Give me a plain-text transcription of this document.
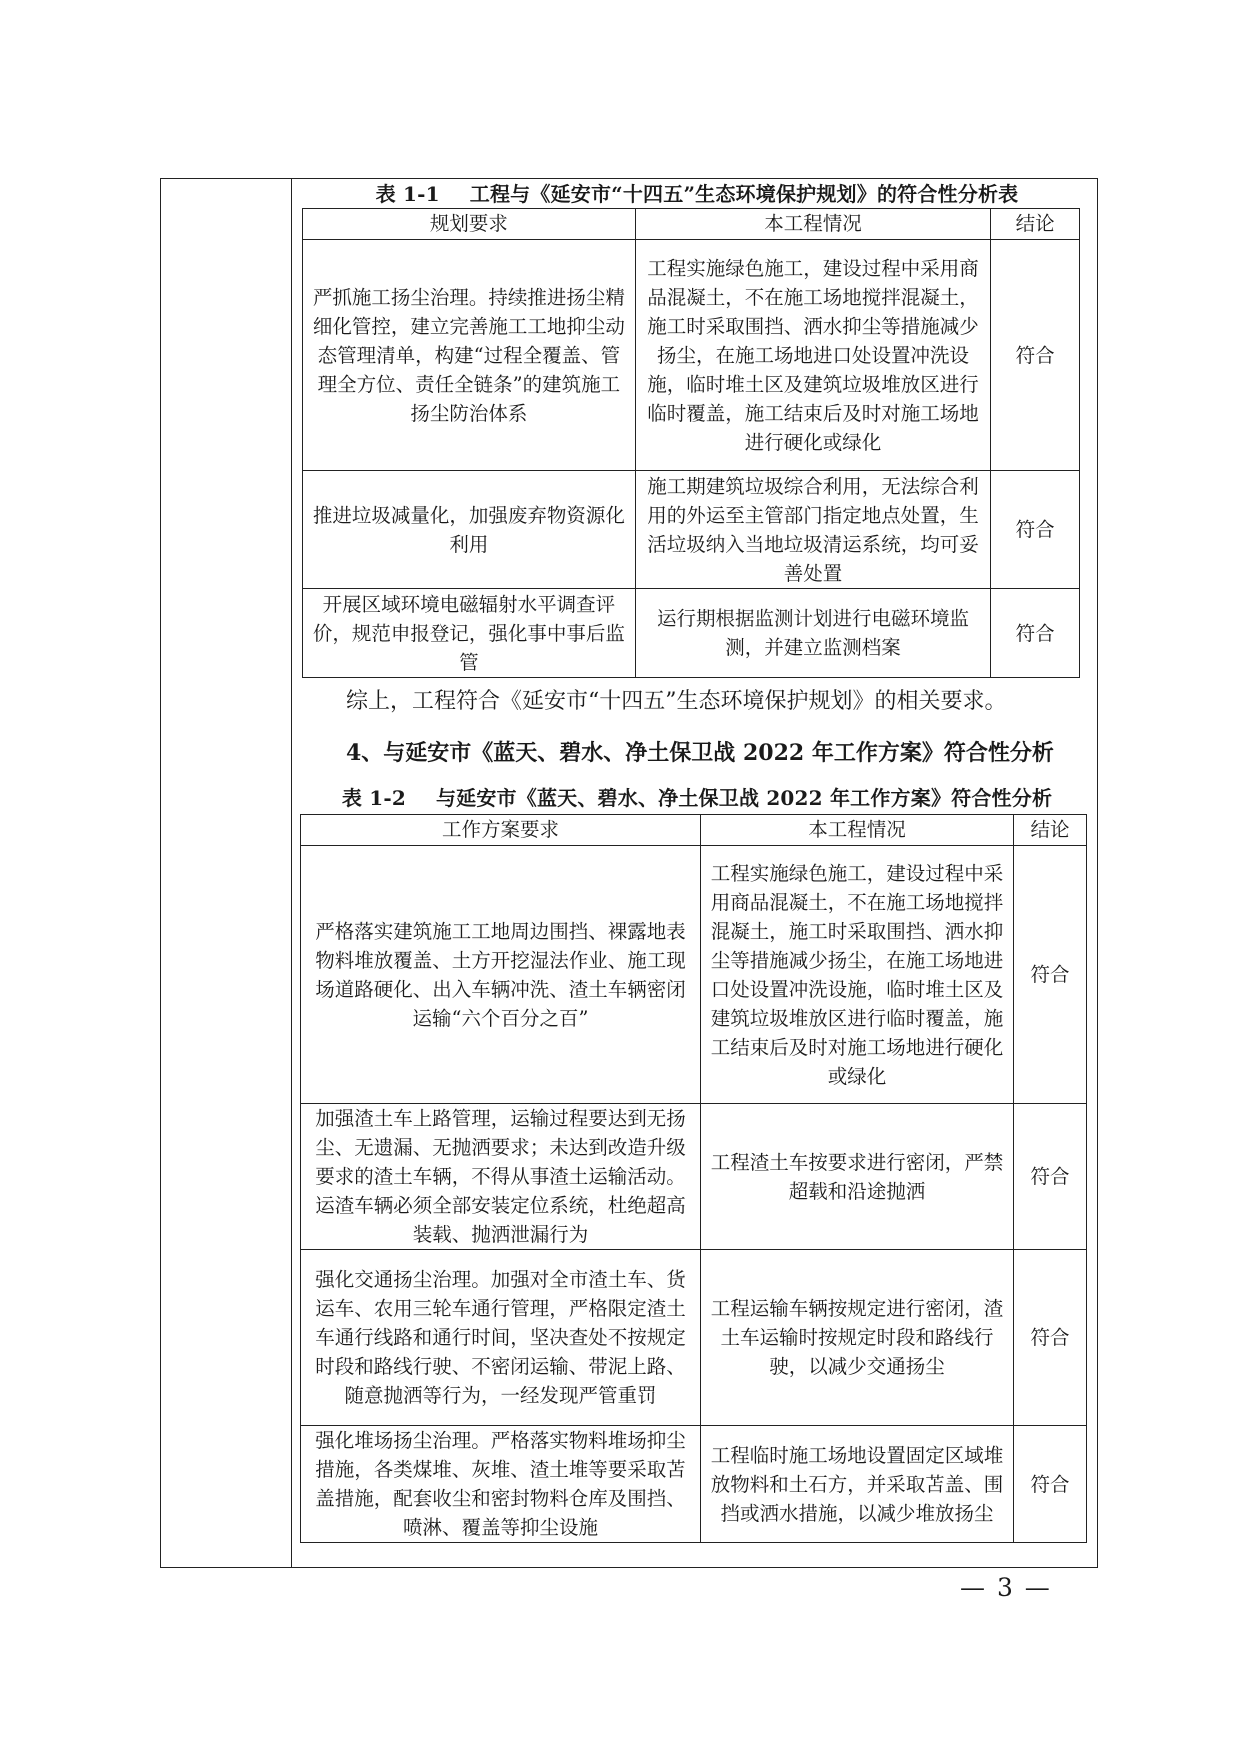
表 1-1 工程与《延安市“十四五”生态环境保护规划》的符合性分析表
规划要求	本工程情况	结论
严抓施工扬尘治理。持续推进扬尘精细化管控，建立完善施工工地抑尘动态管理清单，构建“过程全覆盖、管理全方位、责任全链条”的建筑施工扬尘防治体系	工程实施绿色施工，建设过程中采用商品混凝土，不在施工场地搅拌混凝土，施工时采取围挡、洒水抑尘等措施减少扬尘，在施工场地进口处设置冲洗设施，临时堆土区及建筑垃圾堆放区进行临时覆盖，施工结束后及时对施工场地进行硬化或绿化	符合
推进垃圾减量化，加强废弃物资源化利用	施工期建筑垃圾综合利用，无法综合利用的外运至主管部门指定地点处置，生活垃圾纳入当地垃圾清运系统，均可妥善处置	符合
开展区域环境电磁辐射水平调查评价，规范申报登记，强化事中事后监管	运行期根据监测计划进行电磁环境监测，并建立监测档案	符合

综上，工程符合《延安市“十四五”生态环境保护规划》的相关要求。

4、与延安市《蓝天、碧水、净土保卫战 2022 年工作方案》符合性分析

表 1-2 与延安市《蓝天、碧水、净土保卫战 2022 年工作方案》符合性分析
工作方案要求	本工程情况	结论
严格落实建筑施工工地周边围挡、裸露地表物料堆放覆盖、土方开挖湿法作业、施工现场道路硬化、出入车辆冲洗、渣土车辆密闭运输“六个百分之百”	工程实施绿色施工，建设过程中采用商品混凝土，不在施工场地搅拌混凝土，施工时采取围挡、洒水抑尘等措施减少扬尘，在施工场地进口处设置冲洗设施，临时堆土区及建筑垃圾堆放区进行临时覆盖，施工结束后及时对施工场地进行硬化或绿化	符合
加强渣土车上路管理，运输过程要达到无扬尘、无遗漏、无抛洒要求；未达到改造升级要求的渣土车辆，不得从事渣土运输活动。运渣车辆必须全部安装定位系统，杜绝超高装载、抛洒泄漏行为	工程渣土车按要求进行密闭，严禁超载和沿途抛洒	符合
强化交通扬尘治理。加强对全市渣土车、货运车、农用三轮车通行管理，严格限定渣土车通行线路和通行时间，坚决查处不按规定时段和路线行驶、不密闭运输、带泥上路、随意抛洒等行为，一经发现严管重罚	工程运输车辆按规定进行密闭，渣土车运输时按规定时段和路线行驶，以减少交通扬尘	符合
强化堆场扬尘治理。严格落实物料堆场抑尘措施，各类煤堆、灰堆、渣土堆等要采取苫盖措施，配套收尘和密封物料仓库及围挡、喷淋、覆盖等抑尘设施	工程临时施工场地设置固定区域堆放物料和土石方，并采取苫盖、围挡或洒水措施，以减少堆放扬尘	符合
— 3 —
